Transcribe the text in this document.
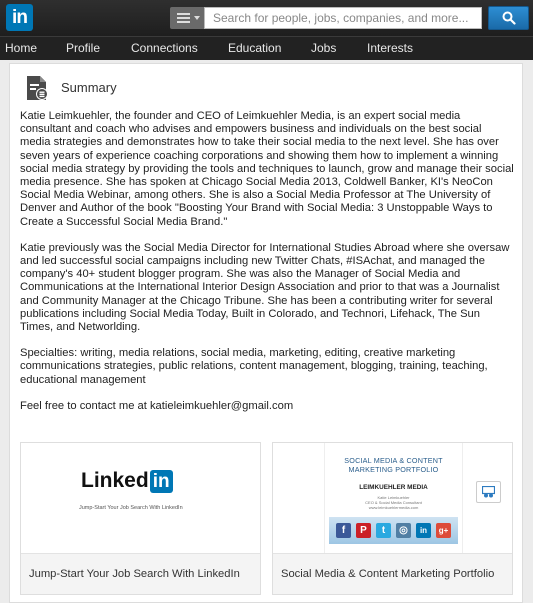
in
Search for people, jobs, companies, and more...
Home Profile	Connections	Education Jobs	Interests
Summary

Katie Leimkuehler, the founder and CEO of Leimkuehler Media, is an expert social media consultant and coach who advises and empowers business and individuals on the best social media strategies and demonstrates how to take their social media to the next level. She has over seven years of experience coaching corporations and showing them how to implement a winning social media strategy by providing the tools and techniques to launch, grow and manage their social media presence. She has spoken at Chicago Social Media 2013, Coldwell Banker, KI's NeoCon Social Media Webinar, among others. She is also a Social Media Professor at The University of Denver and Author of the book "Boosting Your Brand with Social Media: 3 Unstoppable Ways to Create a Successful Social Media Brand."

Katie previously was the Social Media Director for International Studies Abroad where she oversaw and led successful social campaigns including new Twitter Chats, #ISAchat, and managed the company's 40+ student blogger program. She was also the Manager of Social Media and Communications at the International Interior Design Association and prior to that was a Journalist and Community Manager at the Chicago Tribune. She has been a contributing writer for several publications including Social Media Today, Built in Colorado, and Technori, Lifehack, The Sun Times, and Networlding.

Specialties: writing, media relations, social media, marketing, editing, creative marketing communications strategies, public relations, content management, blogging, training, teaching, educational management

Feel free to contact me at katieleimkuehler@gmail.com

Linked in
Jump-Start Your Job Search With LinkedIn
Jump-Start Your Job Search With LinkedIn
SOCIAL MEDIA & CONTENT MARKETING PORTFOLIO
LEIMKUEHLER MEDIA
Katie Leimkuehler
CEO & Social Media Consultant
www.leimkuehlermedia.com
f	P	t	◎	in	g+
Social Media & Content Marketing Portfolio
